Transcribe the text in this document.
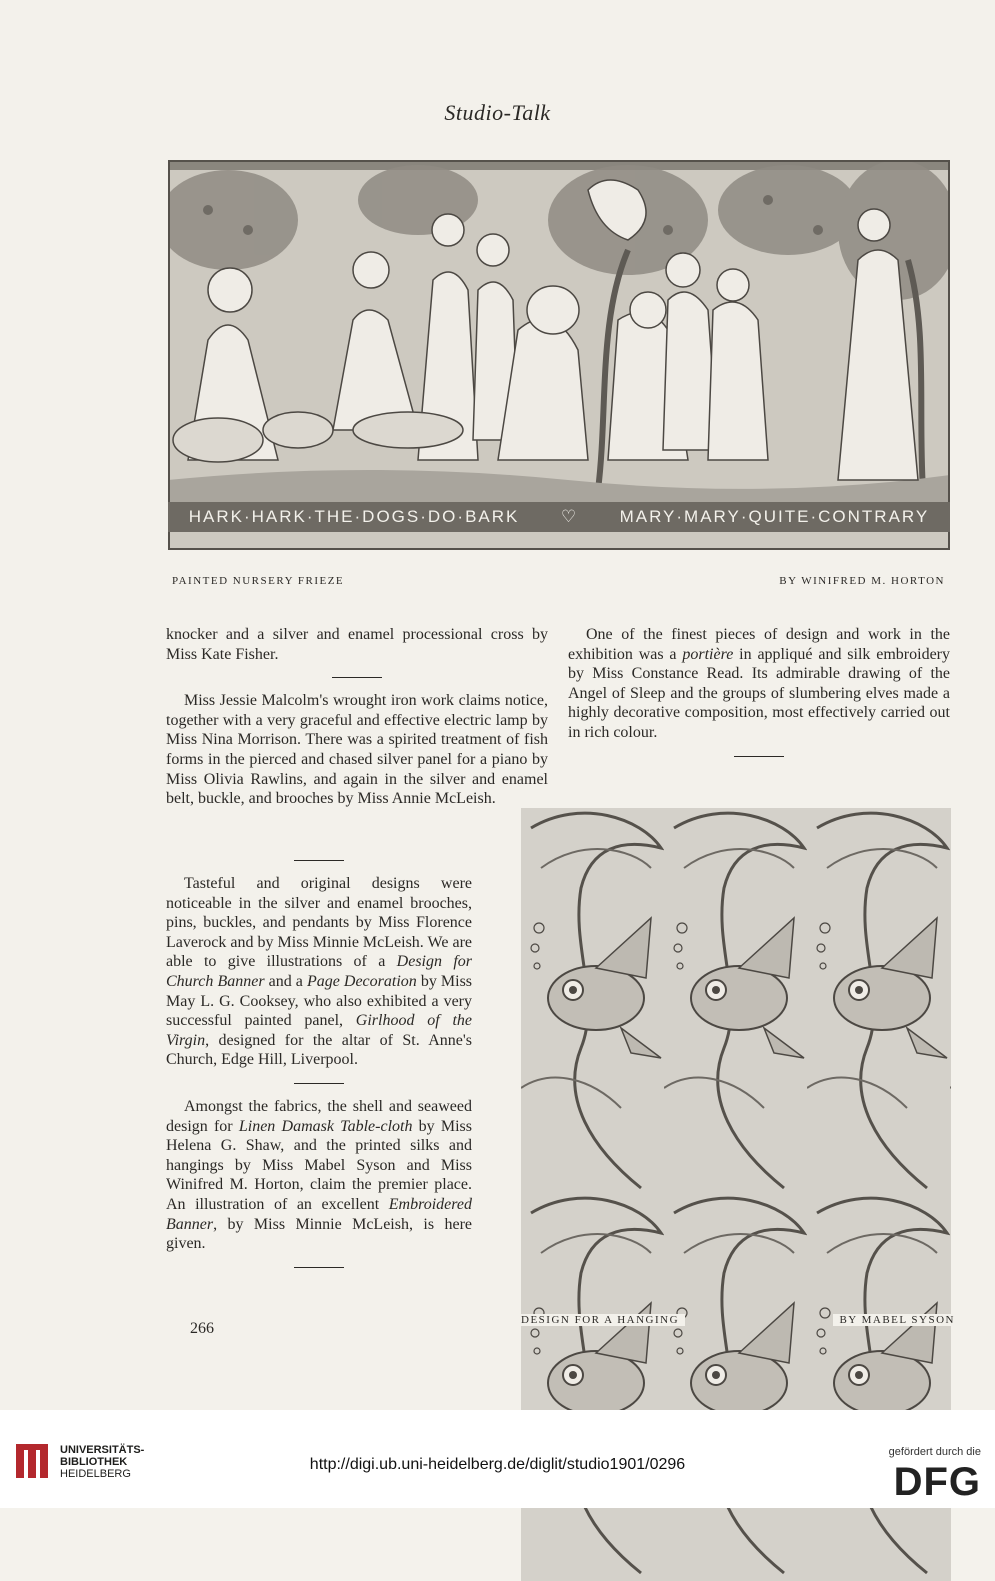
Studio-Talk
HARK·HARK·THE·DOGS·DO·BARK ♡ MARY·MARY·QUITE·CONTRARY
PAINTED NURSERY FRIEZE	BY WINIFRED M. HORTON

knocker and a silver and enamel processional cross by Miss Kate Fisher.

Miss Jessie Malcolm's wrought iron work claims notice, together with a very graceful and effective electric lamp by Miss Nina Morrison. There was a spirited treatment of fish forms in the pierced and chased silver panel for a piano by Miss Olivia Rawlins, and again in the silver and enamel belt, buckle, and brooches by Miss Annie McLeish.

Tasteful and original designs were noticeable in the silver and enamel brooches, pins, buckles, and pendants by Miss Florence Laverock and by Miss Minnie McLeish. We are able to give illustrations of a Design for Church Banner and a Page Decoration by Miss May L. G. Cooksey, who also exhibited a very successful painted panel, Girlhood of the Virgin, designed for the altar of St. Anne's Church, Edge Hill, Liverpool.

Amongst the fabrics, the shell and seaweed design for Linen Damask Table-cloth by Miss Helena G. Shaw, and the printed silks and hangings by Miss Mabel Syson and Miss Winifred M. Horton, claim the premier place. An illustration of an excellent Embroidered Banner, by Miss Minnie McLeish, is here given.

One of the finest pieces of design and work in the exhibition was a portière in appliqué and silk embroidery by Miss Constance Read. Its admirable drawing of the Angel of Sleep and the groups of slumbering elves made a highly decorative composition, most effectively carried out in rich colour.

DESIGN FOR A HANGING	BY MABEL SYSON
266
UNIVERSITÄTS-
BIBLIOTHEK
HEIDELBERG
http://digi.ub.uni-heidelberg.de/diglit/studio1901/0296
gefördert durch die
DFG
